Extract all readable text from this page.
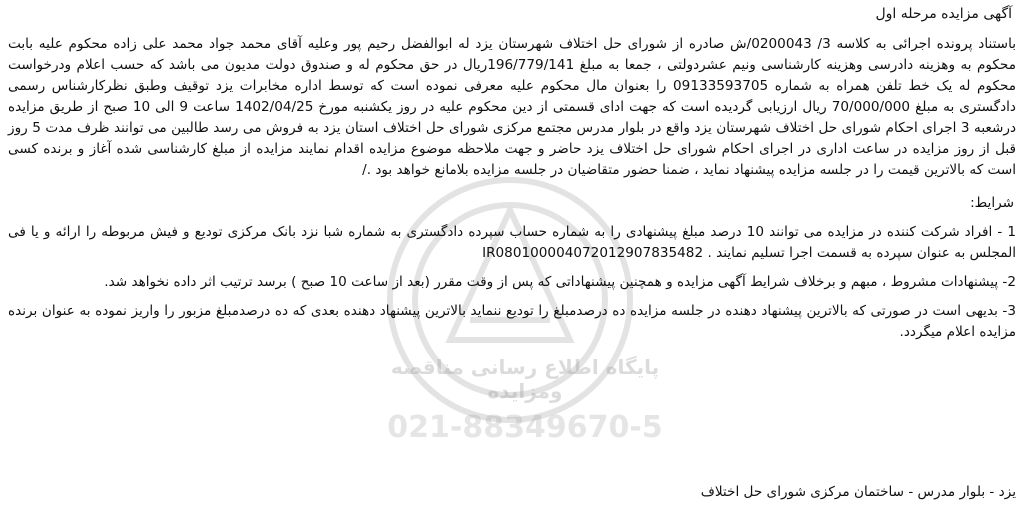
پایگاه اطلاع رسانی مناقصه ومزایده
021-88349670-5
آگهی مزایده مرحله اول

باستناد پرونده اجرائی به کلاسه 3/ 0200043/ش صادره از شورای حل اختلاف شهرستان یزد له ابوالفضل رحیم پور وعلیه آقای محمد جواد محمد علی زاده محکوم علیه بابت محکوم به وهزینه دادرسی وهزینه کارشناسی ونیم عشردولتی ، جمعا به مبلغ 196/779/141ریال در حق محکوم له و صندوق دولت مدیون می باشد که حسب اعلام ودرخواست محکوم له یک خط تلفن همراه به شماره 09133593705 را بعنوان مال محکوم علیه معرفی نموده است که توسط اداره مخابرات یزد توقیف وطبق نظرکارشناس رسمی دادگستری به مبلغ 70/000/000 ریال ارزیابی گردیده است که جهت ادای قسمتی از دین محکوم علیه در روز یکشنبه مورخ 1402/04/25 ساعت 9 الی 10 صبح از طریق مزایده درشعبه 3 اجرای احکام شورای حل اختلاف شهرستان یزد واقع در بلوار مدرس مجتمع مرکزی شورای حل اختلاف استان یزد به فروش می رسد طالبین می توانند ظرف مدت 5 روز قبل از روز مزایده در ساعت اداری در اجرای احکام شورای حل اختلاف یزد حاضر و جهت ملاحظه موضوع مزایده اقدام نمایند مزایده از مبلغ کارشناسی شده آغاز و برنده کسی است که بالاترین قیمت را در جلسه مزایده پیشنهاد نماید ، ضمنا حضور متقاضیان در جلسه مزایده بلامانع خواهد بود ./

شرایط:

1 - افراد شرکت کننده در مزایده می توانند 10 درصد مبلغ پیشنهادی را به شماره حساب سپرده دادگستری به شماره شبا نزد بانک مرکزی تودیع و فیش مربوطه را ارائه و یا فی المجلس به عنوان سپرده به قسمت اجرا تسلیم نمایند . IR080100004072012907835482

2- پیشنهادات مشروط ، مبهم و برخلاف شرایط آگهی مزایده و همچنین پیشنهاداتی که پس از وقت مقرر (بعد از ساعت 10 صبح ) برسد ترتیب اثر داده نخواهد شد.

3- بدیهی است در صورتی که بالاترین پیشنهاد دهنده در جلسه مزایده ده درصدمبلغ را تودیع ننماید بالاترین پیشنهاد دهنده بعدی که ده درصدمبلغ مزبور را واریز نموده به عنوان برنده مزایده اعلام میگردد.

یزد - بلوار مدرس - ساختمان مرکزی شورای حل اختلاف
